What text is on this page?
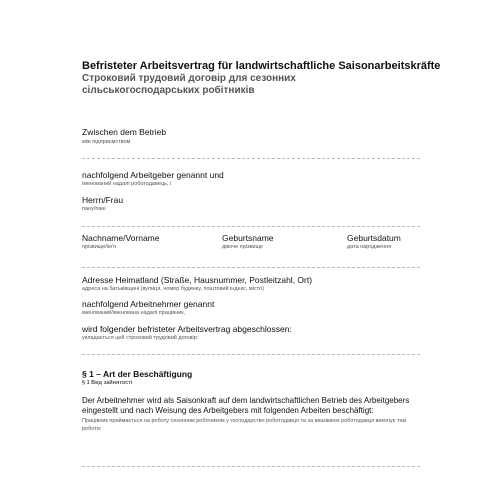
Befristeter Arbeitsvertrag für landwirtschaftliche Saisonarbeitskräfte
Строковий трудовий договір для сезонних сільськогосподарських робітників
Zwischen dem Betrieb
між підприємством
nachfolgend Arbeitgeber genannt und
іменований надалі роботодавець, і
Herrn/Frau
пану/пані
Nachname/Vorname
прізвище/ім'я
Geburtsname
дівоче прізвище
Geburtsdatum
дата народження
Adresse Heimatland (Straße, Hausnummer, Postleitzahl, Ort)
адреса на батьківщині (вулиця, номер будинку, поштовий індекс, місто)
nachfolgend Arbeitnehmer genannt
іменований/іменована надалі працівник,
wird folgender befristeter Arbeitsvertrag abgeschlossen:
укладається цей строковий трудовий договір:
§ 1 – Art der Beschäftigung
§ 1 Вид зайнятості
Der Arbeitnehmer wird als Saisonkraft auf dem landwirtschaftlichen Betrieb des Arbeitgebers eingestellt und nach Weisung des Arbeitgebers mit folgenden Arbeiten beschäftigt:
Працівник приймається на роботу сезонним робітником у господарство роботодавця та за вказівкою роботодавця виконує такі роботи:
